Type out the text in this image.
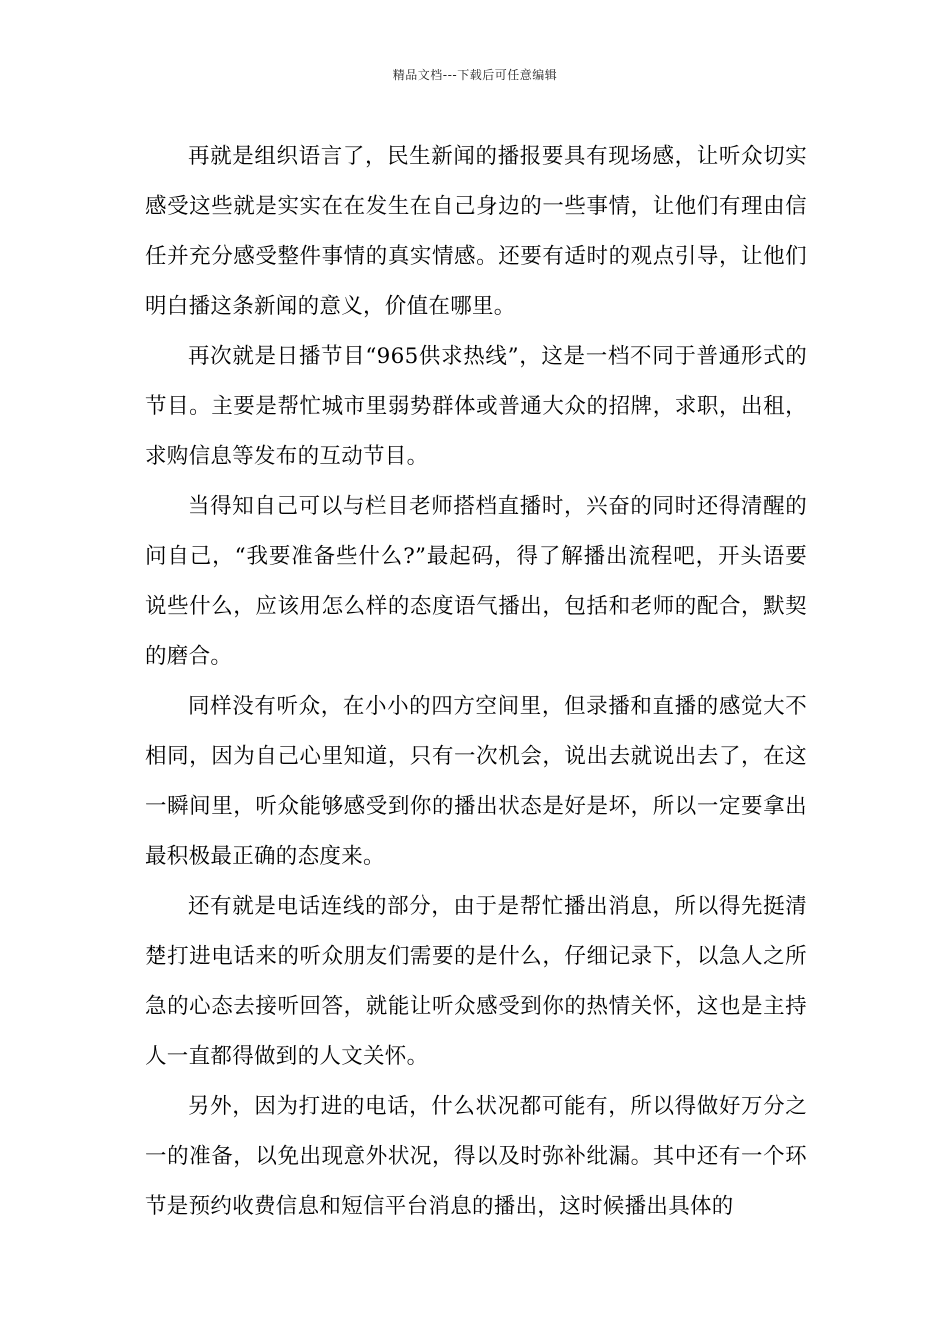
精品文档---下载后可任意编辑

再就是组织语言了，民生新闻的播报要具有现场感，让听众切实感受这些就是实实在在发生在自己身边的一些事情，让他们有理由信任并充分感受整件事情的真实情感。还要有适时的观点引导，让他们明白播这条新闻的意义，价值在哪里。

再次就是日播节目“965供求热线”，这是一档不同于普通形式的节目。主要是帮忙城市里弱势群体或普通大众的招牌，求职，出租，求购信息等发布的互动节目。

当得知自己可以与栏目老师搭档直播时，兴奋的同时还得清醒的问自己，“我要准备些什么?”最起码，得了解播出流程吧，开头语要说些什么，应该用怎么样的态度语气播出，包括和老师的配合，默契的磨合。

同样没有听众，在小小的四方空间里，但录播和直播的感觉大不相同，因为自己心里知道，只有一次机会，说出去就说出去了，在这一瞬间里，听众能够感受到你的播出状态是好是坏，所以一定要拿出最积极最正确的态度来。

还有就是电话连线的部分，由于是帮忙播出消息，所以得先挺清楚打进电话来的听众朋友们需要的是什么，仔细记录下，以急人之所急的心态去接听回答，就能让听众感受到你的热情关怀，这也是主持人一直都得做到的人文关怀。

另外，因为打进的电话，什么状况都可能有，所以得做好万分之一的准备，以免出现意外状况，得以及时弥补纰漏。其中还有一个环节是预约收费信息和短信平台消息的播出，这时候播出具体的
